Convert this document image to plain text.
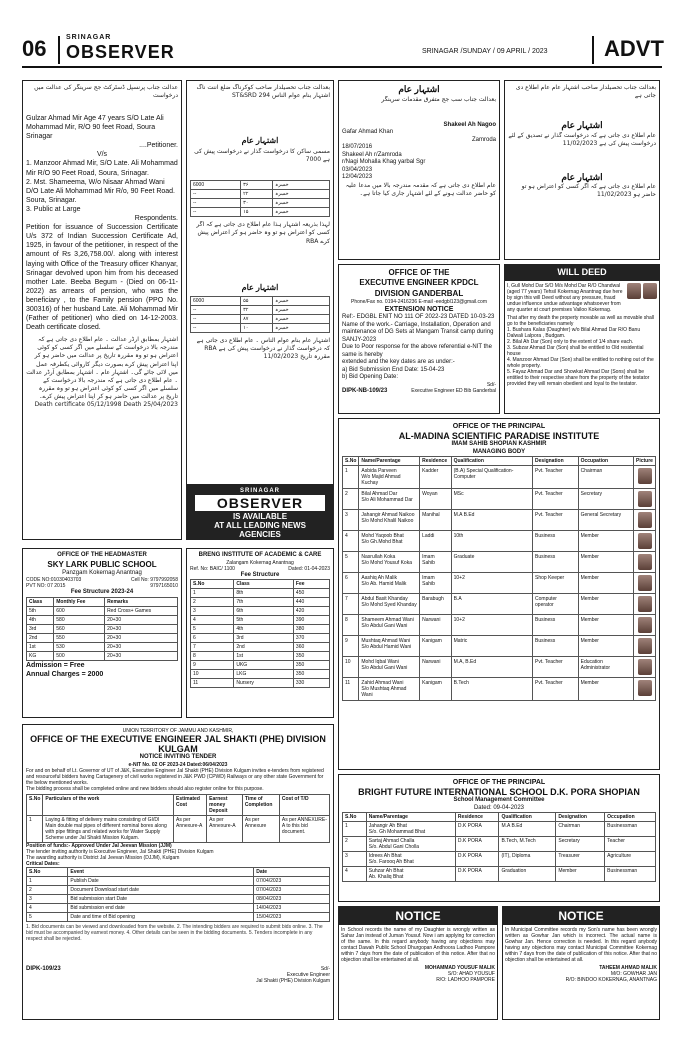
06	SRINAGAR
OBSERVER	SRINAGAR /SUNDAY / 09 APRIL / 2023	ADVT
عدالت جناب پرنسپل ڈسٹرکٹ جج سرینگر کی عدالت میں درخواست
Gulzar Ahmad Mir Age 47 years S/O Late Ali Mohammad Mir, R/O 90 feet Road, Soura Srinagar
....Petitioner.
V/s
1. Manzoor Ahmad Mir, S/O Late. Ali Mohammad Mir R/O 90 Feet Road, Soura, Srinagar.
2. Mst. Shameema, W/o Nisaar Ahmad Wani D/O Late Ali Mohammad Mir R/o, 90 Feet Road. Soura, Srinagar.
3. Public at Large
Respondents.
Petition for issuance of Succession Certificate U/s 372 of Indian Succession Certificate Ad, 1925, in favour of the petitioner, in respect of the amount of Rs 3,26,758.00/. along with interest laying with Office of the Treasury officer Khanyar, Srinagar devolved upon him from his deceased mother Late. Beeba Begum - (Died on 06-11-2022) as arrears of pension, who was the beneficiary , to the Family pension (PPO No. 300316) of her husband Late. Ali Mohammad Mir (Father of petitioner) who died on 14-12-2003. Death certificate closed.
اشتہار بمطابق آرڈر عدالت ۔ عام اطلاع دی جاتی ہے کہ مندرجہ بالا درخواست کے سلسلے میں اگر کسی کو کوئی اعتراض ہو تو وہ مقررہ تاریخ پر عدالت میں حاضر ہو کر اپنا اعتراض پیش کرے بصورت دیگر کاروائی یکطرفہ عمل میں لائی جائے گی۔ اشتہار عام ۔ اشتہار بمطابق آرڈر عدالت ۔ عام اطلاع دی جاتی ہے کہ مندرجہ بالا درخواست کے سلسلے میں اگر کسی کو کوئی اعتراض ہو تو وہ مقررہ تاریخ پر عدالت میں حاضر ہو کر اپنا اعتراض پیش کرے۔ 25/04/2023 Death certificate 05/12/1998 Death
بعدالت جناب تحصیلدار صاحب کوکرناگ ضلع اننت ناگ اشتہار بنام عوام الناس ST&SRD 294
اشتہار عام
مسمی ساکن کا درخواست گذار نے درخواست پیش کی ہے 7000
6000	۳۶	خسرہ
--	۲۲	خسرہ
--	۳۰	خسرہ
--	۱۵	خسرہ
لہذا بذریعہ اشتہار ہذا عام اطلاع دی جاتی ہے کہ اگر کسی کو اعتراض ہو تو وہ حاضر ہو کر اعتراض پیش کرے RBA
اشتہار عام
6000	۵۵	خسرہ
--	۳۲	خسرہ
--	۸۷	خسرہ
--	۱۰	خسرہ
اشتہار عام بنام عوام الناس ۔ عام اطلاع دی جاتی ہے کہ درخواست گذار نے درخواست پیش کی ہے RBA مقررہ تاریخ 11/02/2023
اشتہار عام
بعدالت جناب سب جج متفرق مقدمات سرینگر
Shakeel Ah Nagoo
Gafar Ahmad Khan
Zamroda
18/07/2016
Shakeel Ah r/Zamroda
r/Nagi Mohalla Khag yarbal Sgr
03/04/2023
12/04/2023
عام اطلاع دی جاتی ہے کہ مقدمہ مندرجہ بالا میں مدعا علیہ کو حاضر عدالت ہونے کے لئے اشتہار جاری کیا جاتا ہے۔
OFFICE OF THE
EXECUTIVE ENGINEER KPDCL
DIVISION GANDERBAL
Phone/Fax no. 0194-2416236 E-mail -eedgbl123@gmail.com
EXTENSION NOTICE
Ref:- EDGBL ENIT NO 111 OF 2022-23 DATED 10-03-23
Name of the work.- Carriage, Installation, Operation and maintenance of DG Sets at Mangam Transit camp during SANJY-2023
Due to Poor response for the above referential e-NIT the same is hereby
extended and the key dates are as under:-
a) Bid Submission End Date: 15-04-23
b) Bid Opening Date:
Sd/-
DIPK-NB-109/23	Executive Engineer ED Bib Ganderbal
بعدالت جناب تحصیلدار صاحب اشتہار عام عام اطلاع دی جاتی ہے
اشتہار عام
عام اطلاع دی جاتی ہے کہ درخواست گذار نے تصدیق کے لئے درخواست پیش کی ہے 11/02/2023
اشتہار عام
عام اطلاع دی جاتی ہے کہ اگر کسی کو اعتراض ہو تو حاضر ہو 11/02/2023
WILL DEED
I, Gull Mohd Dar S/O M/s Mohd Dar R/O Chandwal (aged 77 years) Tehsil Kokernag Anantnag due here by sign this will Deed without any pressure, fraud undue influence undue advantage whatsoever from any quarter at court premises Vailoo Kokernag.
That after my death the property movable as well as movable shall go to the beneficiaries namely
1. Bushara Kalas (Daughter) w/o Bilal Ahmad Dar R/O Banu Dalwali Lalpora , Budgam.
2. Bilal Ah Dar (Son) only to the extent of 1/4 share each.
3. Subzar Ahmad Dar (Son) shall be entitled to Old residential house
4. Manzoor Ahmad Dar (Son) shall be entitled to nothing out of the whole property.
5. Fayaz Ahmad Dar and Showkat Ahmad Dar (Sons) shall be entitled to their respective share from the property of the testator provided they will remain obedient and loyal to the testator.
SRINAGAR
OBSERVER
IS AVAILABLE
AT ALL LEADING NEWS
AGENCIES
OFFICE OF THE HEADMASTER
SKY LARK PUBLIC SCHOOL
Panzgam Kokernag Anantnag
CODE NO:01030403703	Cell No: 9797992058
PVT NO: 07 2015	9797165010
Fee Structure 2023-24
Class	Monthly Fee	Remarks
5th	600	Red Cross+ Games
4th	580	20+30
3rd	560	20+30
2nd	550	20+30
1st	530	20+30
KG	500	20+30
Admission = Free
Annual Charges = 2000
BRENG INSTITUTE OF ACADEMIC & CARE
Zalangam Kokernag Anantnag
Ref. No: BAIC/ 1100	Dated: 01-04-2023
Fee Structure
S.No	Class	Fee
1	8th	450
2	7th	440
3	6th	420
4	5th	390
5	4th	380
6	3rd	370
7	2nd	360
8	1st	350
9	UKG	350
10	LKG	350
11	Nursery	330
UNION TERRITORY OF JAMMU AND KASHMIR,
OFFICE OF THE EXECUTIVE ENGINEER JAL SHAKTI (PHE) DIVISION KULGAM
NOTICE INVITING TENDER
e-NIT No. 02 OF 2023-24 Dated:06/04/2023
For and on behalf of Lt. Governor of UT of J&K, Executive Engineer Jal Shakti (PHE) Division Kulgam invites e-tenders from registered and resourceful bidders having Cartagenery of civil works registered in J&K PWD (CPWD) Railways or any other state Government for the below mentioned works.
The bidding process shall be completed online and new bidders should also register online for this purpose.
S.No	Particulars of the work	Estimated Cost	Earnest money Deposit	Time of Completion	Cost of T/D
1	Laying & fitting of delivery mains consisting of GI/DI Main double mal pipes of different nominal bores along with pipe fittings and related works for Water Supply Scheme under Jal Shakti Mission Kulgam.	As per Annexure-A	As per Annexure-A	As per Annexure	As per ANNEXURE-A to this bid document.
Position of funds:- Approved Under Jal Jeevan Mission (JJM)
The tender inviting authority is Executive Engineer, Jal Shakti (PHE) Division Kulgam
The awarding authority is District Jal Jeevan Mission (DJJM), Kulgam
Critical Dates:
S.No	Event	Date
1	Publish Date	07/04/2023
2	Document Download start date	07/04/2023
3	Bid submission start Date	08/04/2023
4	Bid submission end date	14/04/2023
5	Date and time of Bid opening	15/04/2023
1. Bid documents can be viewed and downloaded from the website. 2. The intending bidders are required to submit bids online. 3. The bid must be accompanied by earnest money. 4. Other details can be seen in the bidding documents. 5. Tenders incomplete in any respect shall be rejected.
DIPK-109/23	Sd/-
Executive Engineer
Jal Shakti (PHE) Division Kulgam
OFFICE OF THE PRINCIPAL
AL-MADINA SCIENTIFIC PARADISE INSTITUTE
IMAM SAHIB SHOPIAN KASHMIR
MANAGING BODY
S.No	Name/Parentage	Residence	Qualification	Designation	Occupation	Picture
1	Asbida Parveen
W/o Majid Ahmad Kuchay	Kadder	(B.A) Special Qualification-Computer	Pvt. Teacher	Chairman	

2	Bilal Ahmad Dar
S/o Ali Mohammad Dar	Woyan	MSc	Pvt. Teacher	Secretary	

3	Jahangir Ahmad Naikoo
S/o Mohd Khalil Naikoo	Manihal	M.A B.Ed	Pvt. Teacher	General Secretary	

4	Mohd Yaqoob Bhat
S/o Gh.Mohd Bhat	Laddi	10th	Business	Member	

5	Nasrullah Koka
S/o Mohd Yousuf Koka	Imam Sahib	Graduate	Business	Member	

6	Aashiq Ah Malik
S/o Ab. Hamid Malik	Imam Sahib	10+2	Shop Keeper	Member	

7	Abdul Basit Khanday
S/o Mohd Syed Khanday	Barabugh	B.A	Computer operator	Member	

8	Shameem Ahmad Wani
S/o Abdul Gani Wani	Narwani	10+2	Business	Member	

9	Mushtaq Ahmad Wani
S/o Abdul Hamid Wani	Kanigam	Matric	Business	Member	

10	Mohd Iqbal Wani
S/o Abdul Gani Wani	Narwani	M.A, B.Ed	Pvt. Teacher	Education Administrator	

11	Zahid Ahmad Wani
S/o Mushtaq Ahmad Wani	Kanigam	B.Tech	Pvt. Teacher	Member	
OFFICE OF THE PRINCIPAL
BRIGHT FUTURE INTERNATIONAL SCHOOL D.K. PORA SHOPIAN
School Management Committee
Dated: 09-04-2023
S.No	Name/Parentage	Residence	Qualification	Designation	Occupation
1	Jahangir Ah Bhat
S/o. Gh Mohammad Bhat	D.K PORA	M.A B.Ed	Chairman	Businessman
2	Sartaj Ahmad Challa
S/o. Abdul Gani Cholla	D.K PORA	B.Tech, M.Tech	Secretary	Teacher
3	Idrees Ah Bhat
S/o. Farooq Ah Bhat	D.K PORA	(IT), Diploma	Treasurer	Agriculture
4	Suhzar Ah Bhat
Ab. Khaliq Bhat	D.K PORA	Graduation	Member	Businessman
NOTICE
In School records the name of my Daughter is wrongly written as Sahar Jan instead of Juman Yousuf. Now i am applying for correction of the same. In this regard anybody having any objections may contact Dawah Public School Dhurgopan Andhoora Ladhoo Pampore within 7 days from the date of publication of this notice. After that no objection shall be entertained at all.
MOHAMMAD YOUSUF MALIK
S/O: AHAD YOUSUF
R/O: LADHOO PAMPORE
NOTICE
In Municipal Committee records my Son's name has been wrongly written as Gowhar Jan which is incorrect. The actual name is Gowhar Jan. Hence correction is needed. In this regard anybody having any objections may contact Municipal Committee Kokernag within 7 days from the date of publication of this notice. After that no objection shall be entertained at all.
TAHEEM AHMAD MALIK
M/O: GOWHAR JAN
R/O: BINDOO KOKERNAG, ANANTNAG
